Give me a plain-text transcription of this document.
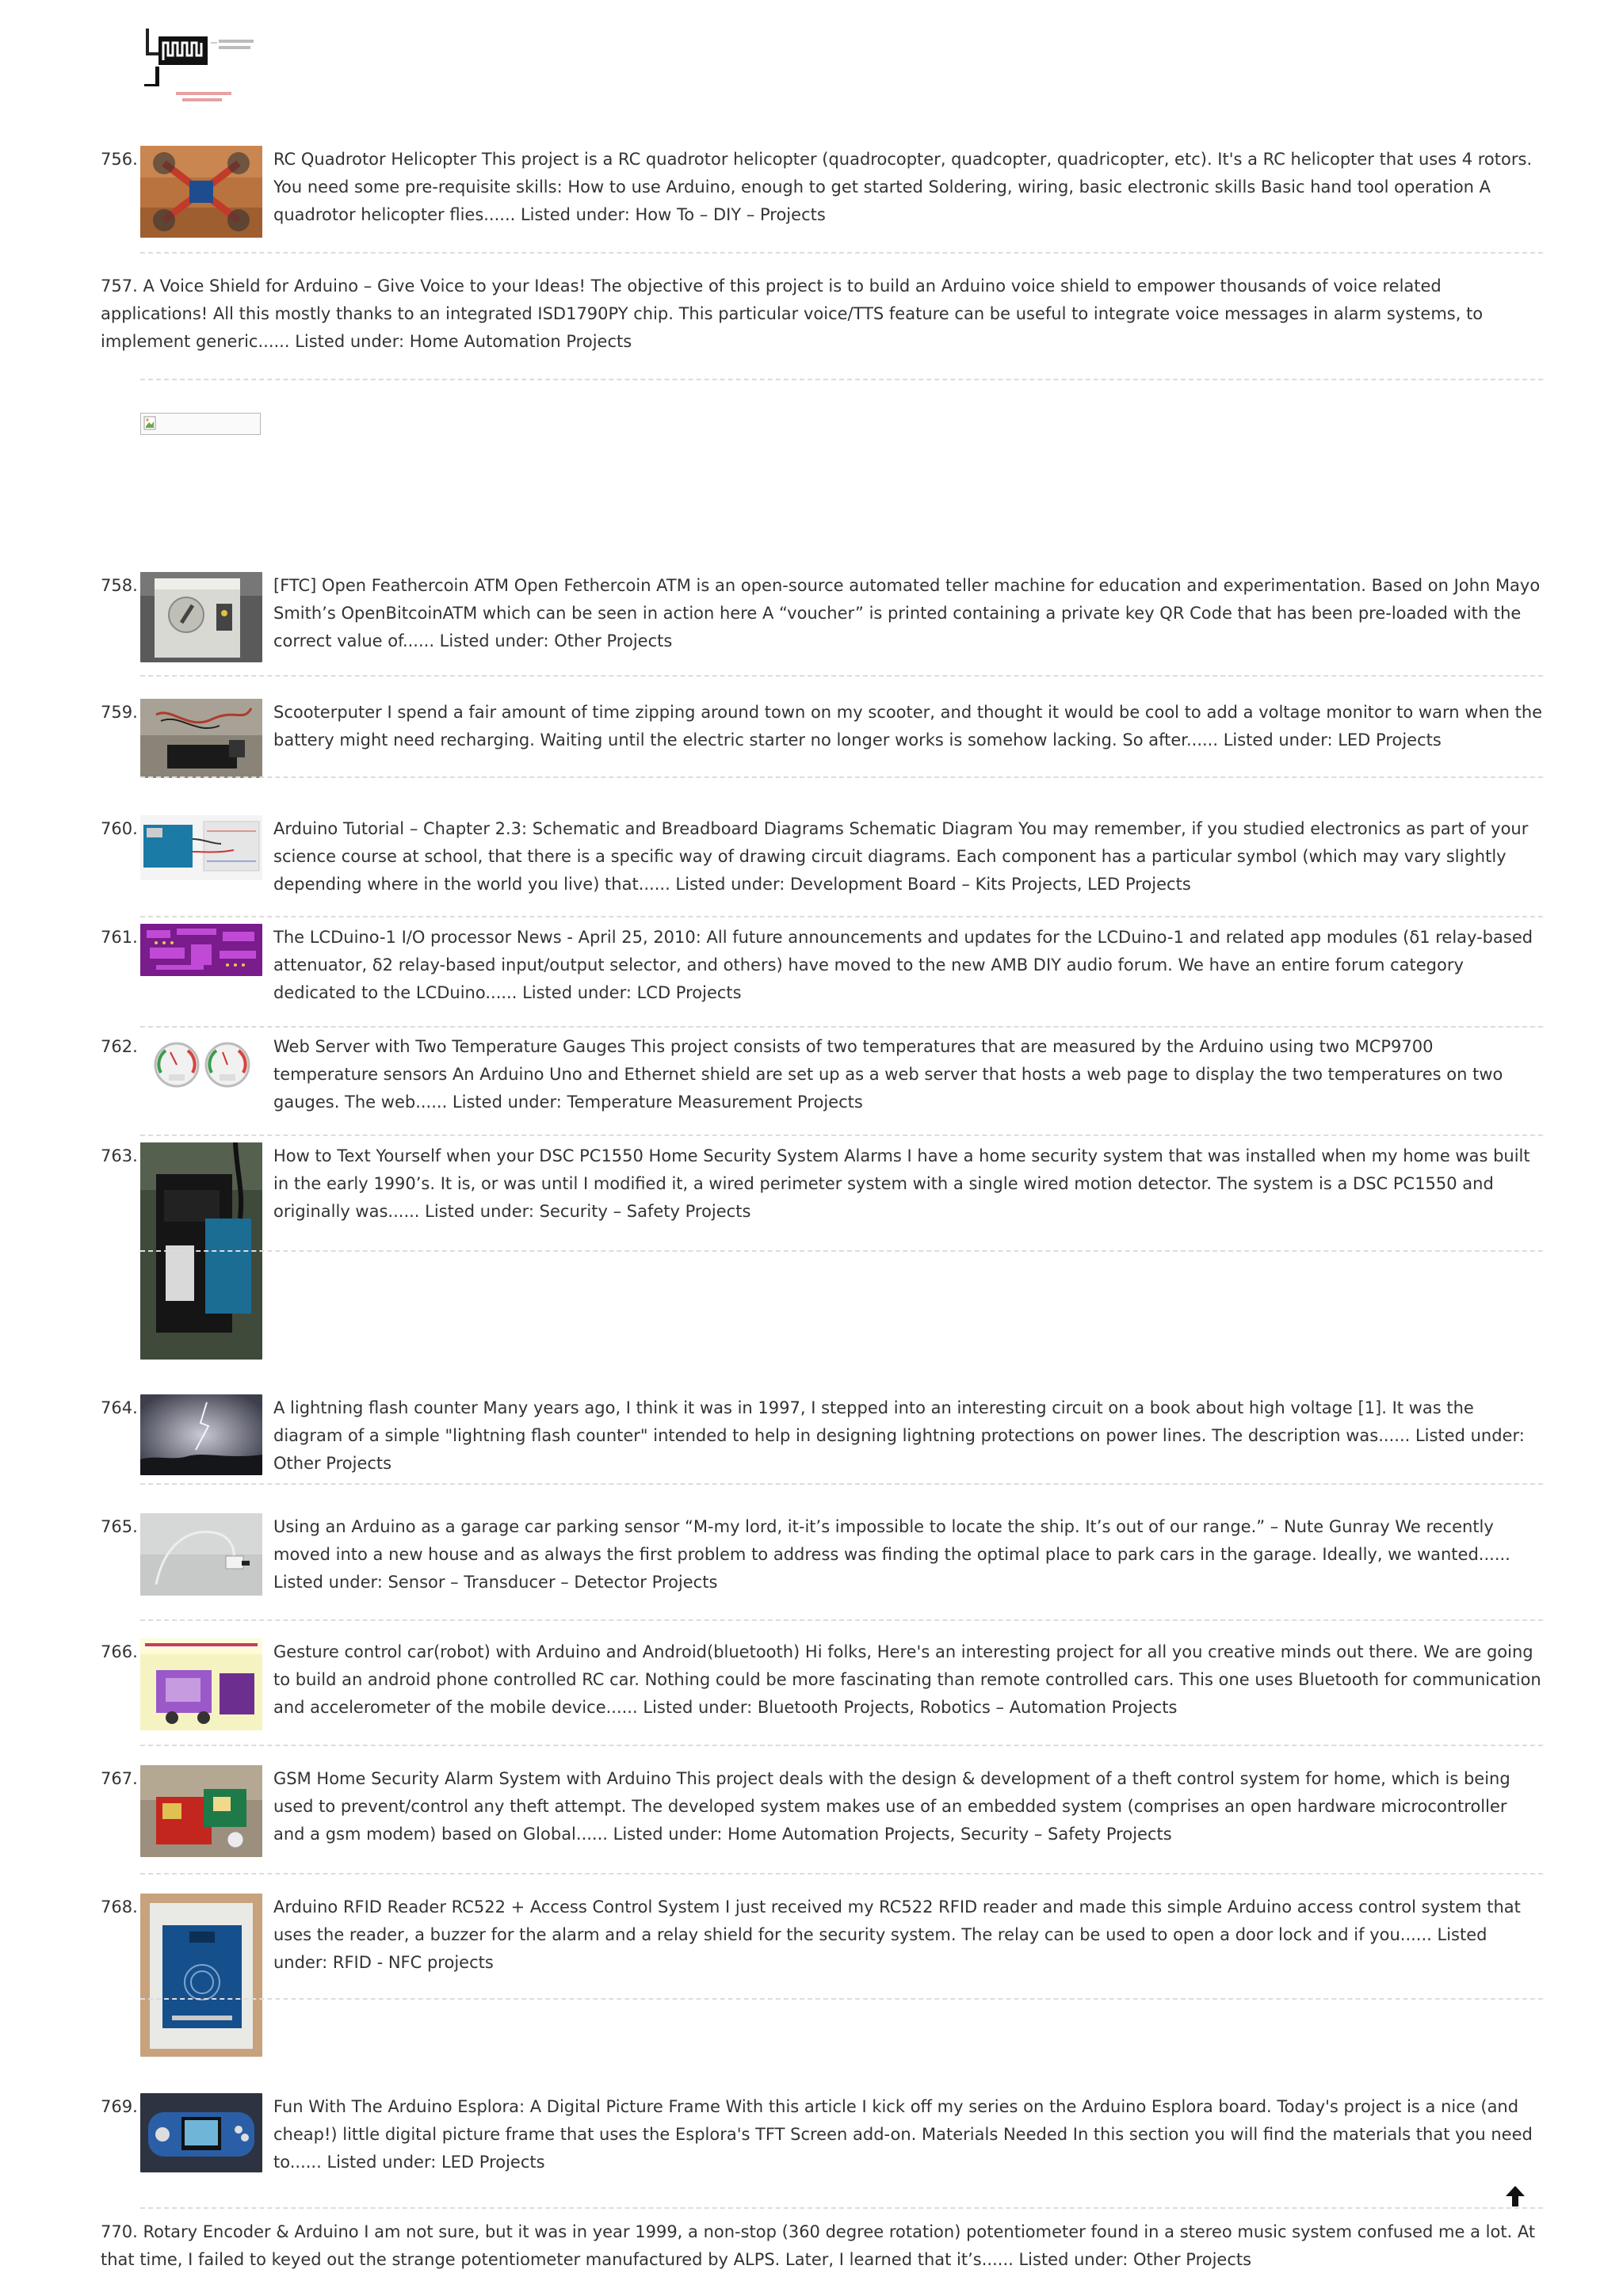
756.	RC Quadrotor Helicopter This project is a RC quadrotor helicopter (quadrocopter, quadcopter, quadricopter, etc). It's a RC helicopter that uses 4 rotors. You need some pre-requisite skills: How to use Arduino, enough to get started Soldering, wiring, basic electronic skills Basic hand tool operation A quadrotor helicopter flies...... Listed under: How To – DIY – Projects

757. A Voice Shield for Arduino – Give Voice to your Ideas! The objective of this project is to build an Arduino voice shield to empower thousands of voice related applications! All this mostly thanks to an integrated ISD1790PY chip. This particular voice/TTS feature can be useful to integrate voice messages in alarm systems, to implement generic...... Listed under: Home Automation Projects

758.	[FTC] Open Feathercoin ATM Open Fethercoin ATM is an open-source automated teller machine for education and experimentation. Based on John Mayo Smith’s OpenBitcoinATM which can be seen in action here A “voucher” is printed containing a private key QR Code that has been pre-loaded with the correct value of...... Listed under: Other Projects

759.	Scooterputer I spend a fair amount of time zipping around town on my scooter, and thought it would be cool to add a voltage monitor to warn when the battery might need recharging. Waiting until the electric starter no longer works is somehow lacking. So after...... Listed under: LED Projects

760.	Arduino Tutorial – Chapter 2.3: Schematic and Breadboard Diagrams Schematic Diagram You may remember, if you studied electronics as part of your science course at school, that there is a specific way of drawing circuit diagrams. Each component has a particular symbol (which may vary slightly depending where in the world you live) that...... Listed under: Development Board – Kits Projects, LED Projects

761.	The LCDuino-1 I/O processor News - April 25, 2010: All future announcements and updates for the LCDuino-1 and related app modules (δ1 relay-based attenuator, δ2 relay-based input/output selector, and others) have moved to the new AMB DIY audio forum. We have an entire forum category dedicated to the LCDuino...... Listed under: LCD Projects

762.	Web Server with Two Temperature Gauges This project consists of two temperatures that are measured by the Arduino using two MCP9700 temperature sensors An Arduino Uno and Ethernet shield are set up as a web server that hosts a web page to display the two temperatures on two gauges. The web...... Listed under: Temperature Measurement Projects

763.	How to Text Yourself when your DSC PC1550 Home Security System Alarms I have a home security system that was installed when my home was built in the early 1990’s. It is, or was until I modified it, a wired perimeter system with a single wired motion detector. The system is a DSC PC1550 and originally was...... Listed under: Security – Safety Projects

764.	A lightning flash counter Many years ago, I think it was in 1997, I stepped into an interesting circuit on a book about high voltage [1]. It was the diagram of a simple "lightning flash counter" intended to help in designing lightning protections on power lines. The description was...... Listed under: Other Projects

765.	Using an Arduino as a garage car parking sensor “M-my lord, it-it’s impossible to locate the ship. It’s out of our range.” – Nute Gunray We recently moved into a new house and as always the first problem to address was finding the optimal place to park cars in the garage. Ideally, we wanted...... Listed under: Sensor – Transducer – Detector Projects

766.	Gesture control car(robot) with Arduino and Android(bluetooth) Hi folks, Here's an interesting project for all you creative minds out there. We are going to build an android phone controlled RC car. Nothing could be more fascinating than remote controlled cars. This one uses Bluetooth for communication and accelerometer of the mobile device...... Listed under: Bluetooth Projects, Robotics – Automation Projects

767.	GSM Home Security Alarm System with Arduino This project deals with the design & development of a theft control system for home, which is being used to prevent/control any theft attempt. The developed system makes use of an embedded system (comprises an open hardware microcontroller and a gsm modem) based on Global...... Listed under: Home Automation Projects, Security – Safety Projects

768.	Arduino RFID Reader RC522 + Access Control System I just received my RC522 RFID reader and made this simple Arduino access control system that uses the reader, a buzzer for the alarm and a relay shield for the security system. The relay can be used to open a door lock and if you...... Listed under: RFID - NFC projects

769.	Fun With The Arduino Esplora: A Digital Picture Frame With this article I kick off my series on the Arduino Esplora board. Today's project is a nice (and cheap!) little digital picture frame that uses the Esplora's TFT Screen add-on. Materials Needed In this section you will find the materials that you need to...... Listed under: LED Projects

770. Rotary Encoder & Arduino I am not sure, but it was in year 1999, a non-stop (360 degree rotation) potentiometer found in a stereo music system confused me a lot. At that time, I failed to keyed out the strange potentiometer manufactured by ALPS. Later, I learned that it’s...... Listed under: Other Projects
